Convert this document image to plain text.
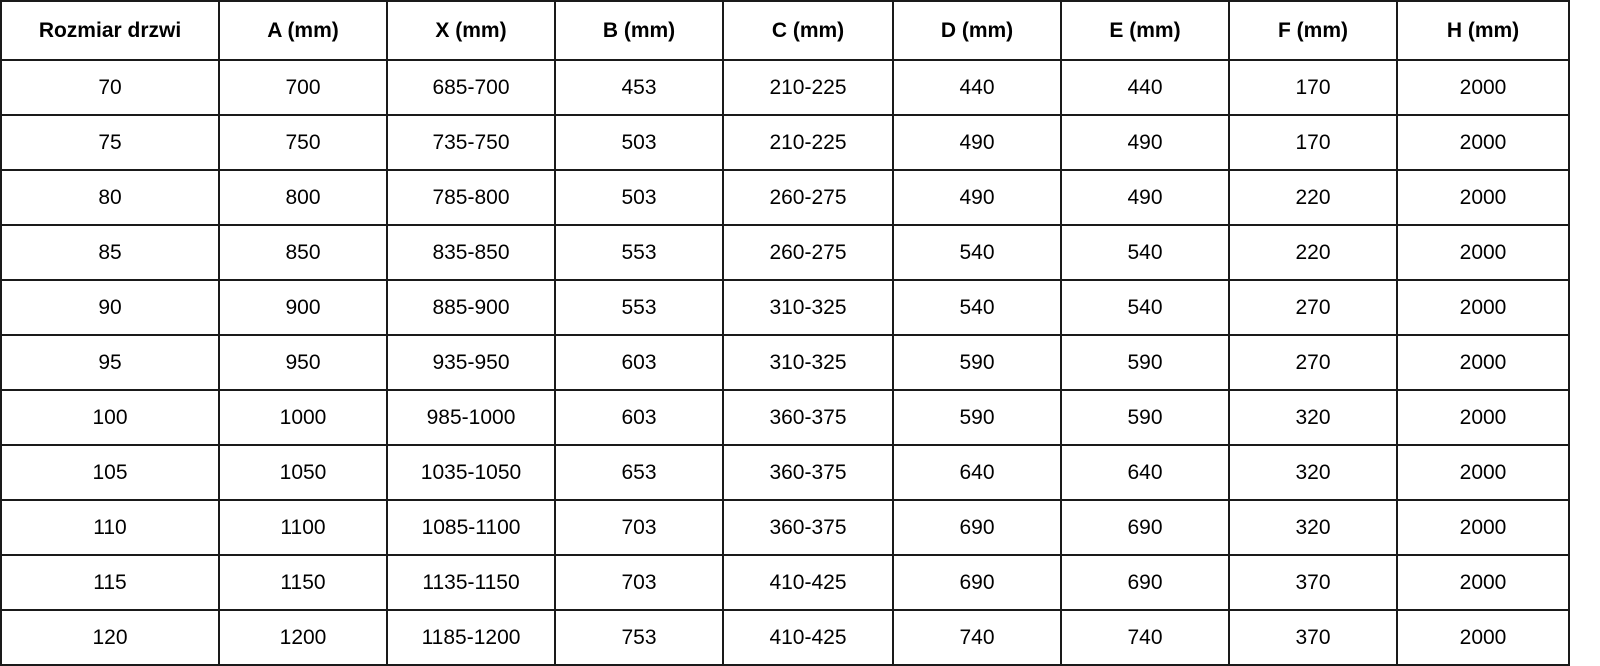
Rozmiar drzwi	A (mm)	X (mm)	B (mm)	C (mm)	D (mm)	E (mm)	F (mm)	H (mm)
70	700	685-700	453	210-225	440	440	170	2000
75	750	735-750	503	210-225	490	490	170	2000
80	800	785-800	503	260-275	490	490	220	2000
85	850	835-850	553	260-275	540	540	220	2000
90	900	885-900	553	310-325	540	540	270	2000
95	950	935-950	603	310-325	590	590	270	2000
100	1000	985-1000	603	360-375	590	590	320	2000
105	1050	1035-1050	653	360-375	640	640	320	2000
110	1100	1085-1100	703	360-375	690	690	320	2000
115	1150	1135-1150	703	410-425	690	690	370	2000
120	1200	1185-1200	753	410-425	740	740	370	2000
